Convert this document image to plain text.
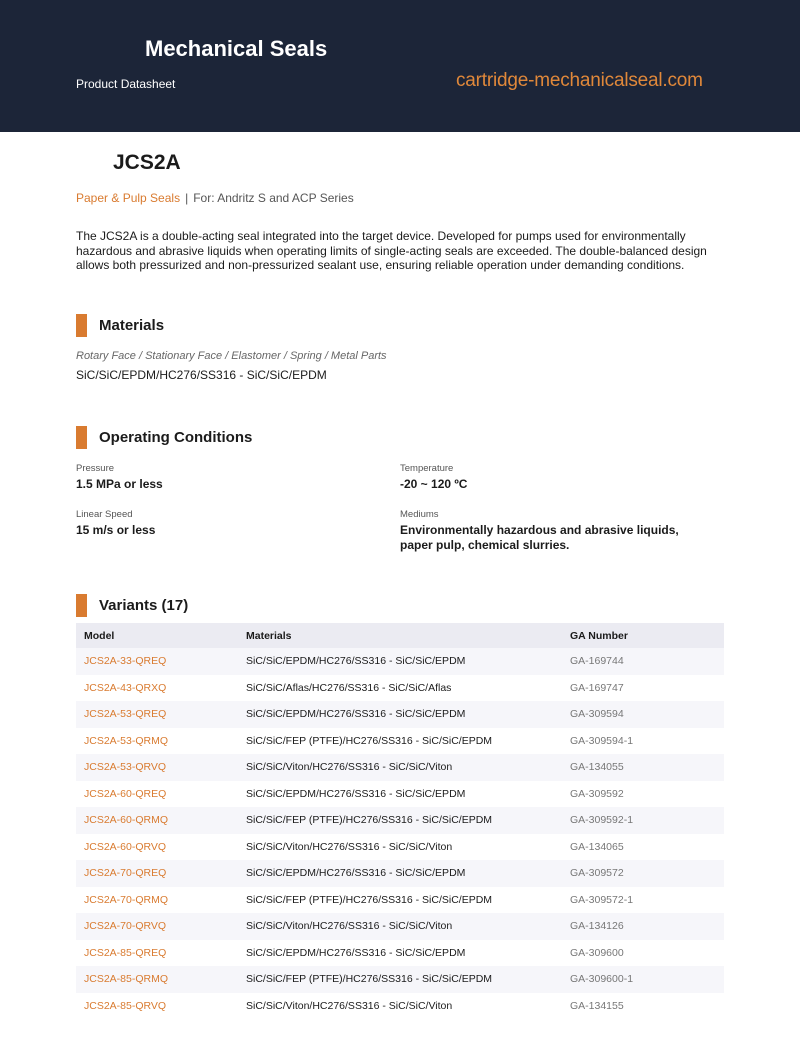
Mechanical Seals
Product Datasheet	cartridge-mechanicalseal.com
JCS2A
Paper & Pulp Seals | For: Andritz S and ACP Series
The JCS2A is a double-acting seal integrated into the target device. Developed for pumps used for environmentally hazardous and abrasive liquids when operating limits of single-acting seals are exceeded. The double-balanced design allows both pressurized and non-pressurized sealant use, ensuring reliable operation under demanding conditions.
Materials
Rotary Face / Stationary Face / Elastomer / Spring / Metal Parts
SiC/SiC/EPDM/HC276/SS316 - SiC/SiC/EPDM
Operating Conditions
Pressure
1.5 MPa or less
Temperature
-20 ~ 120 ºC
Linear Speed
15 m/s or less
Mediums
Environmentally hazardous and abrasive liquids, paper pulp, chemical slurries.
Variants (17)
Model	Materials	GA Number
JCS2A-33-QREQ	SiC/SiC/EPDM/HC276/SS316 - SiC/SiC/EPDM	GA-169744
JCS2A-43-QRXQ	SiC/SiC/Aflas/HC276/SS316 - SiC/SiC/Aflas	GA-169747
JCS2A-53-QREQ	SiC/SiC/EPDM/HC276/SS316 - SiC/SiC/EPDM	GA-309594
JCS2A-53-QRMQ	SiC/SiC/FEP (PTFE)/HC276/SS316 - SiC/SiC/EPDM	GA-309594-1
JCS2A-53-QRVQ	SiC/SiC/Viton/HC276/SS316 - SiC/SiC/Viton	GA-134055
JCS2A-60-QREQ	SiC/SiC/EPDM/HC276/SS316 - SiC/SiC/EPDM	GA-309592
JCS2A-60-QRMQ	SiC/SiC/FEP (PTFE)/HC276/SS316 - SiC/SiC/EPDM	GA-309592-1
JCS2A-60-QRVQ	SiC/SiC/Viton/HC276/SS316 - SiC/SiC/Viton	GA-134065
JCS2A-70-QREQ	SiC/SiC/EPDM/HC276/SS316 - SiC/SiC/EPDM	GA-309572
JCS2A-70-QRMQ	SiC/SiC/FEP (PTFE)/HC276/SS316 - SiC/SiC/EPDM	GA-309572-1
JCS2A-70-QRVQ	SiC/SiC/Viton/HC276/SS316 - SiC/SiC/Viton	GA-134126
JCS2A-85-QREQ	SiC/SiC/EPDM/HC276/SS316 - SiC/SiC/EPDM	GA-309600
JCS2A-85-QRMQ	SiC/SiC/FEP (PTFE)/HC276/SS316 - SiC/SiC/EPDM	GA-309600-1
JCS2A-85-QRVQ	SiC/SiC/Viton/HC276/SS316 - SiC/SiC/Viton	GA-134155
